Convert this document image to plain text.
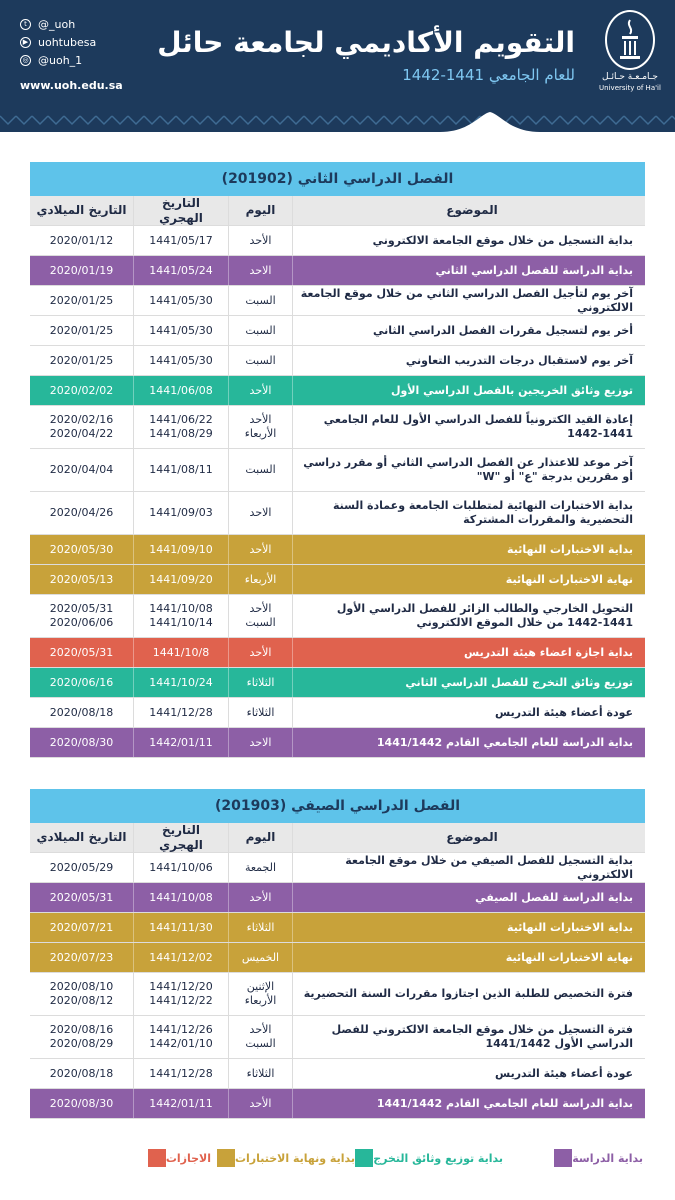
t	@_uoh
▶ uohtubesa
◎ @uoh_1
www.uoh.edu.sa
التقويم الأكاديمي لجامعة حائل
للعام الجامعي 1441-1442	جـامـعـة حـائـل
University of Ha'il
الفصل الدراسي الثاني (201902)
الموضوع
اليوم
التاريخ الهجري
التاريخ الميلادي
بداية التسجيل من خلال موقع الجامعة الالكتروني
الأحد
1441/05/17
2020/01/12
بداية الدراسة للفصل الدراسي الثاني
الاحد
1441/05/24
2020/01/19
آخر يوم لتأجيل الفصل الدراسي الثاني من خلال موقع الجامعة الالكتروني
السبت
1441/05/30
2020/01/25
أخر يوم لتسجيل مقررات الفصل الدراسي الثاني
السبت
1441/05/30
2020/01/25
آخر يوم لاستقبال درجات التدريب التعاوني
السبت
1441/05/30
2020/01/25
توزيع وثائق الخريجين بالفصل الدراسي الأول
الأحد
1441/06/08
2020/02/02
إعادة القيد الكترونياً للفصل الدراسي الأول للعام الجامعي 1441-1442
الأحد
الأربعاء
1441/06/22
1441/08/29
2020/02/16
2020/04/22
آخر موعد للاعتذار عن الفصل الدراسي الثاني أو مقرر دراسي أو مقررين بدرجة "ع" أو "W"
السبت
1441/08/11
2020/04/04
بداية الاختبارات النهائية لمتطلبات الجامعة وعمادة السنة التحضيرية والمقررات المشتركة
الاحد
1441/09/03
2020/04/26
بداية الاختبارات النهائية
الأحد
1441/09/10
2020/05/30
نهاية الاختبارات النهائية
الأربعاء
1441/09/20
2020/05/13
التحويل الخارجي والطالب الزائر للفصل الدراسي الأول 1441-1442 من خلال الموقع الالكتروني
الأحد
السبت
1441/10/08
1441/10/14
2020/05/31
2020/06/06
بداية اجازة اعضاء هيئة التدريس
الأحد
1441/10/8
2020/05/31
توزيع وثائق التخرج للفصل الدراسي الثاني
الثلاثاء
1441/10/24
2020/06/16
عودة أعضاء هيئة التدريس
الثلاثاء
1441/12/28
2020/08/18
بداية الدراسة للعام الجامعي القادم 1441/1442
الاحد
1442/01/11
2020/08/30
الفصل الدراسي الصيفي (201903)
الموضوع
اليوم
التاريخ الهجري
التاريخ الميلادي
بداية التسجيل للفصل الصيفي من خلال موقع الجامعة الالكتروني
الجمعة
1441/10/06
2020/05/29
بداية الدراسة للفصل الصيفي
الأحد
1441/10/08
2020/05/31
بداية الاختبارات النهائية
الثلاثاء
1441/11/30
2020/07/21
نهاية الاختبارات النهائية
الخميس
1441/12/02
2020/07/23
فترة التخصيص للطلبة الذين اجتازوا مقررات السنة التحضيرية
الإثنين
الأربعاء
1441/12/20
1441/12/22
2020/08/10
2020/08/12
فترة التسجيل من خلال موقع الجامعة الالكتروني للفصل الدراسي الأول 1441/1442
الأحد
السبت
1441/12/26
1442/01/10
2020/08/16
2020/08/29
عودة أعضاء هيئة التدريس
الثلاثاء
1441/12/28
2020/08/18
بداية الدراسة للعام الجامعي القادم 1441/1442
الأحد
1442/01/11
2020/08/30
بداية الدراسة
بداية توزيع وثائق التخرج
بداية ونهاية الاختبارات
الاجازات
